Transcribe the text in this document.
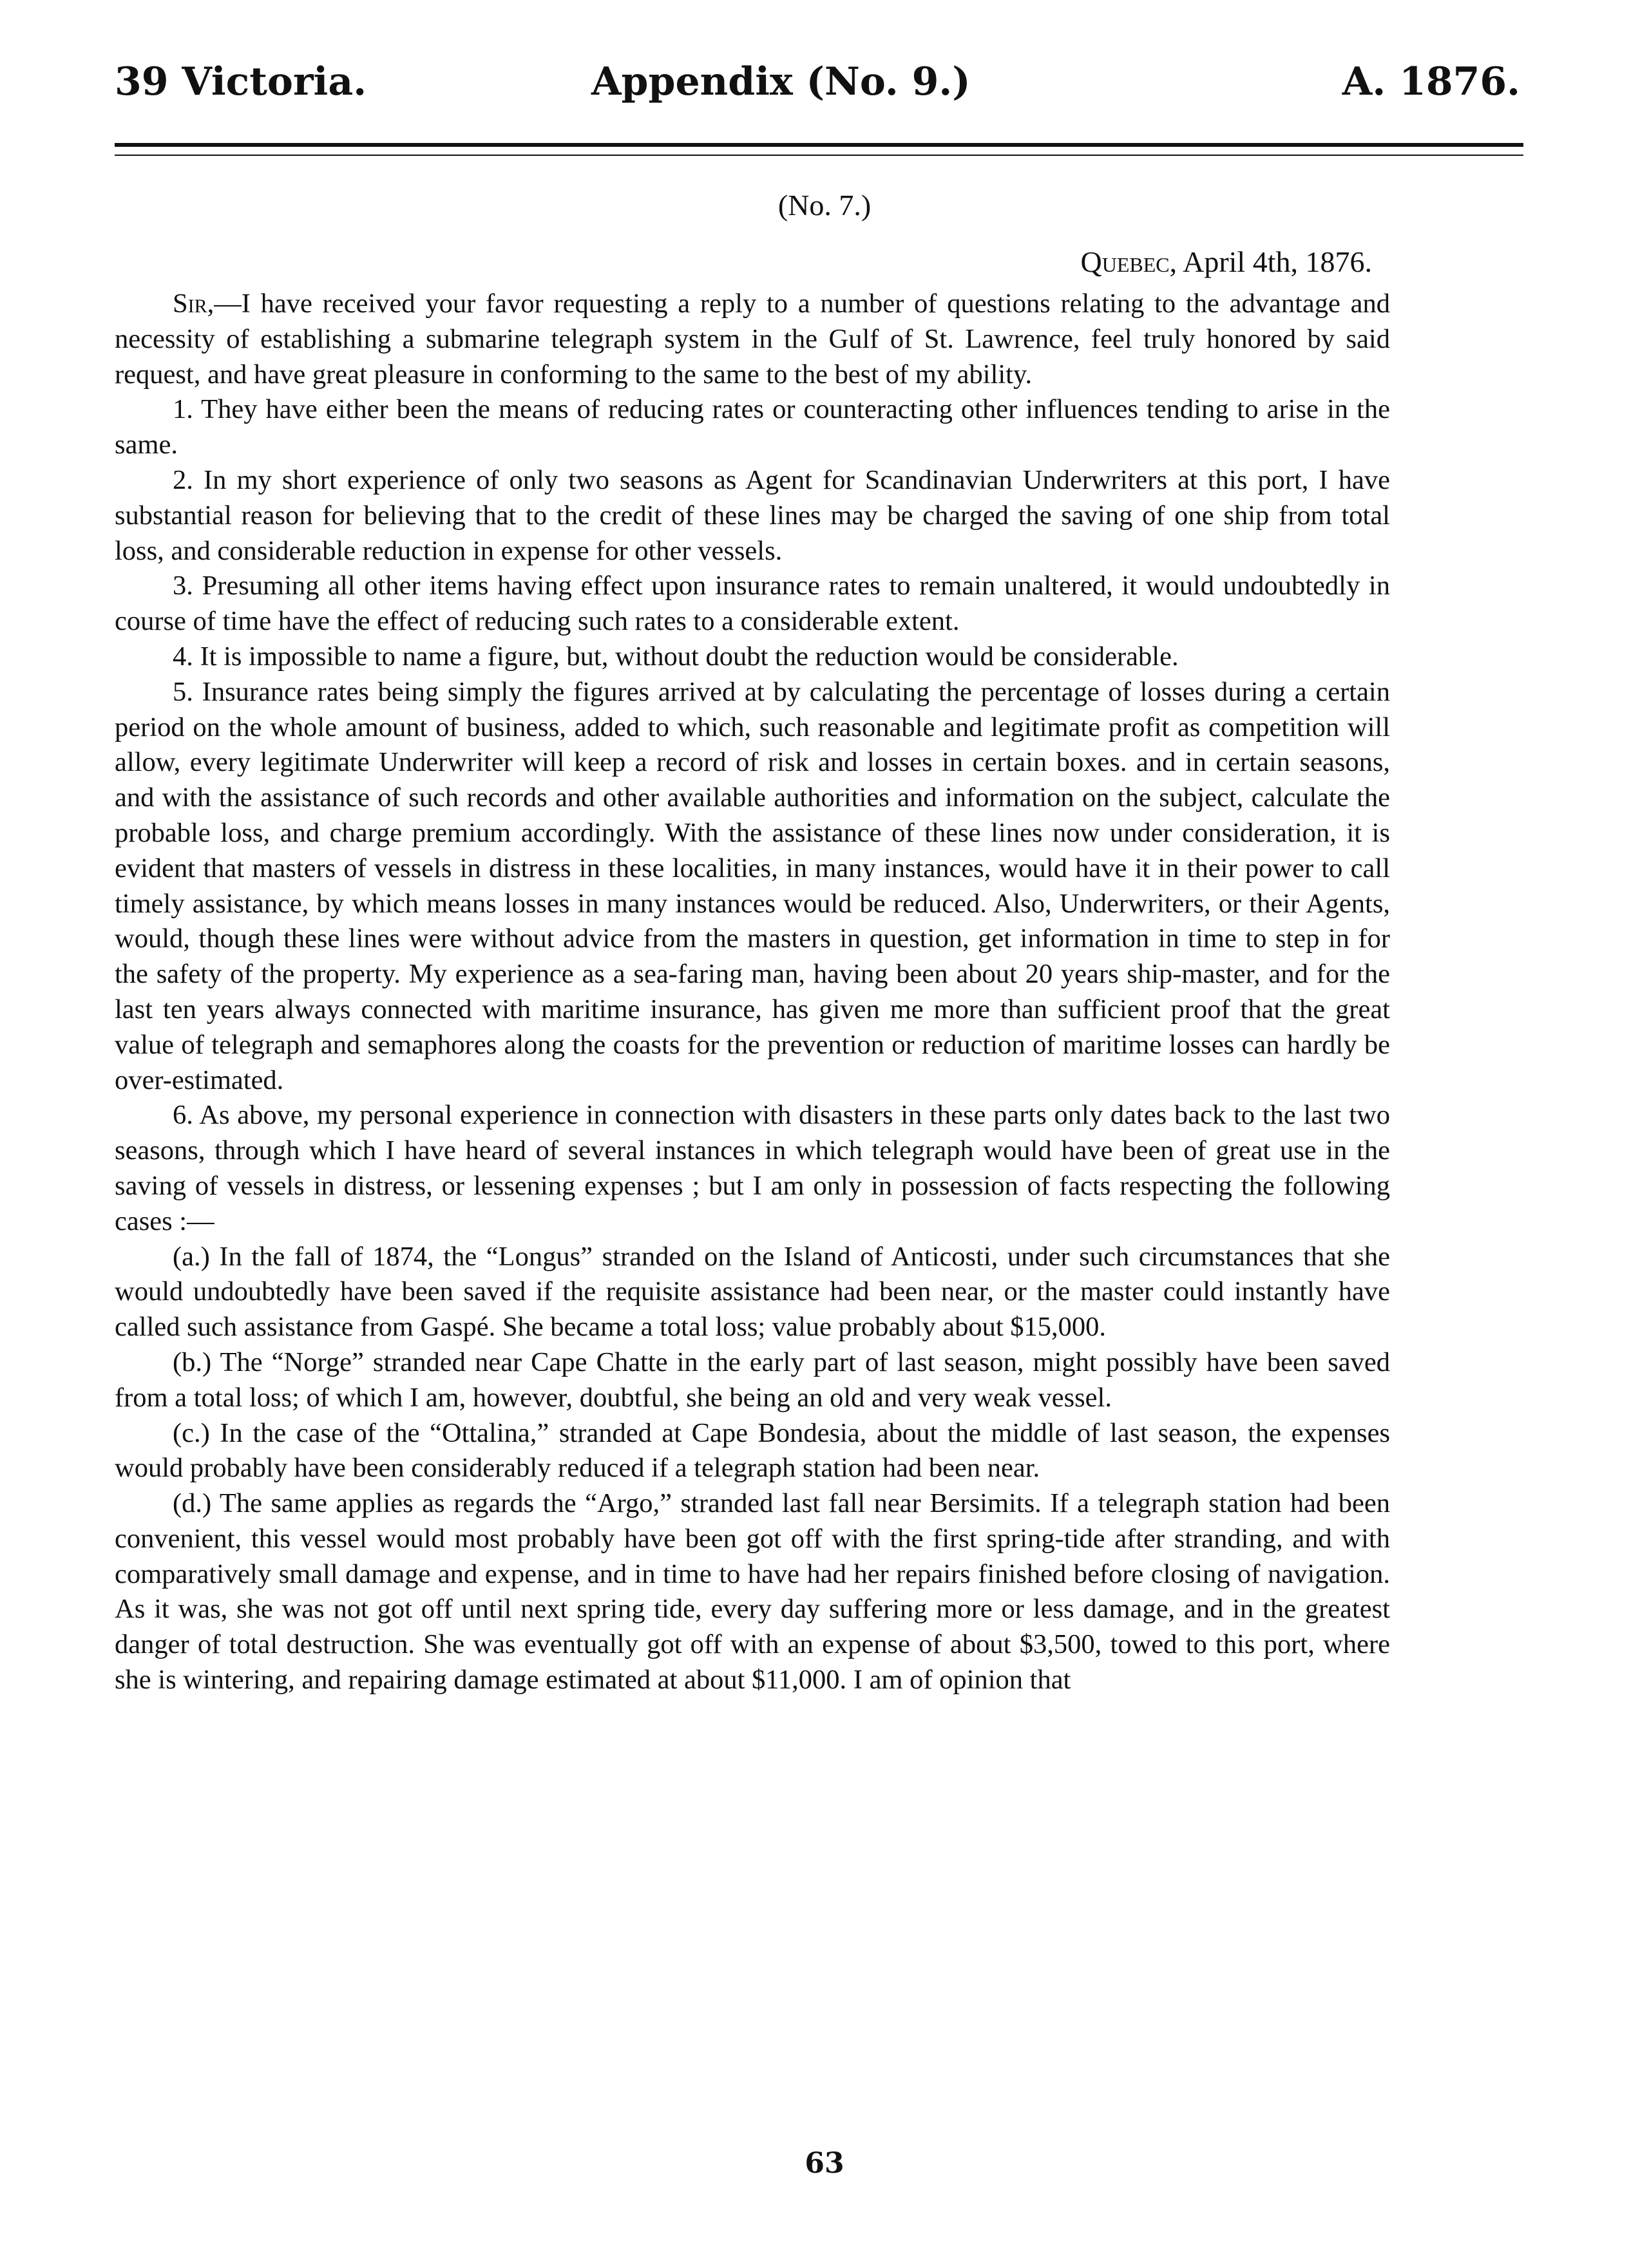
39 Victoria.	Appendix (No. 9.)	A. 1876.
(No. 7.)
Quebec, April 4th, 1876.

Sir,—I have received your favor requesting a reply to a number of questions relating to the advantage and necessity of establishing a submarine telegraph system in the Gulf of St. Lawrence, feel truly honored by said request, and have great pleasure in conforming to the same to the best of my ability.

1. They have either been the means of reducing rates or counteracting other influences tending to arise in the same.

2. In my short experience of only two seasons as Agent for Scandinavian Underwriters at this port, I have substantial reason for believing that to the credit of these lines may be charged the saving of one ship from total loss, and considerable reduction in expense for other vessels.

3. Presuming all other items having effect upon insurance rates to remain unaltered, it would undoubtedly in course of time have the effect of reducing such rates to a considerable extent.

4. It is impossible to name a figure, but, without doubt the reduction would be considerable.

5. Insurance rates being simply the figures arrived at by calculating the percentage of losses during a certain period on the whole amount of business, added to which, such reasonable and legitimate profit as competition will allow, every legitimate Underwriter will keep a record of risk and losses in certain boxes. and in certain seasons, and with the assistance of such records and other available authorities and information on the subject, calculate the probable loss, and charge premium accordingly. With the assistance of these lines now under consideration, it is evident that masters of vessels in distress in these localities, in many instances, would have it in their power to call timely assistance, by which means losses in many instances would be reduced. Also, Underwriters, or their Agents, would, though these lines were without advice from the masters in question, get information in time to step in for the safety of the property. My experience as a sea-faring man, having been about 20 years ship-master, and for the last ten years always connected with maritime insurance, has given me more than sufficient proof that the great value of telegraph and semaphores along the coasts for the prevention or reduction of maritime losses can hardly be over-estimated.

6. As above, my personal experience in connection with disasters in these parts only dates back to the last two seasons, through which I have heard of several instances in which telegraph would have been of great use in the saving of vessels in distress, or lessening expenses ; but I am only in possession of facts respecting the following cases :—

(a.) In the fall of 1874, the “Longus” stranded on the Island of Anticosti, under such circumstances that she would undoubtedly have been saved if the requisite assistance had been near, or the master could instantly have called such assistance from Gaspé. She became a total loss; value probably about $15,000.

(b.) The “Norge” stranded near Cape Chatte in the early part of last season, might possibly have been saved from a total loss; of which I am, however, doubtful, she being an old and very weak vessel.

(c.) In the case of the “Ottalina,” stranded at Cape Bondesia, about the middle of last season, the expenses would probably have been considerably reduced if a telegraph station had been near.

(d.) The same applies as regards the “Argo,” stranded last fall near Bersimits. If a telegraph station had been convenient, this vessel would most probably have been got off with the first spring-tide after stranding, and with comparatively small damage and expense, and in time to have had her repairs finished before closing of navigation. As it was, she was not got off until next spring tide, every day suffering more or less damage, and in the greatest danger of total destruction. She was eventually got off with an expense of about $3,500, towed to this port, where she is wintering, and repairing damage estimated at about $11,000. I am of opinion that

63
